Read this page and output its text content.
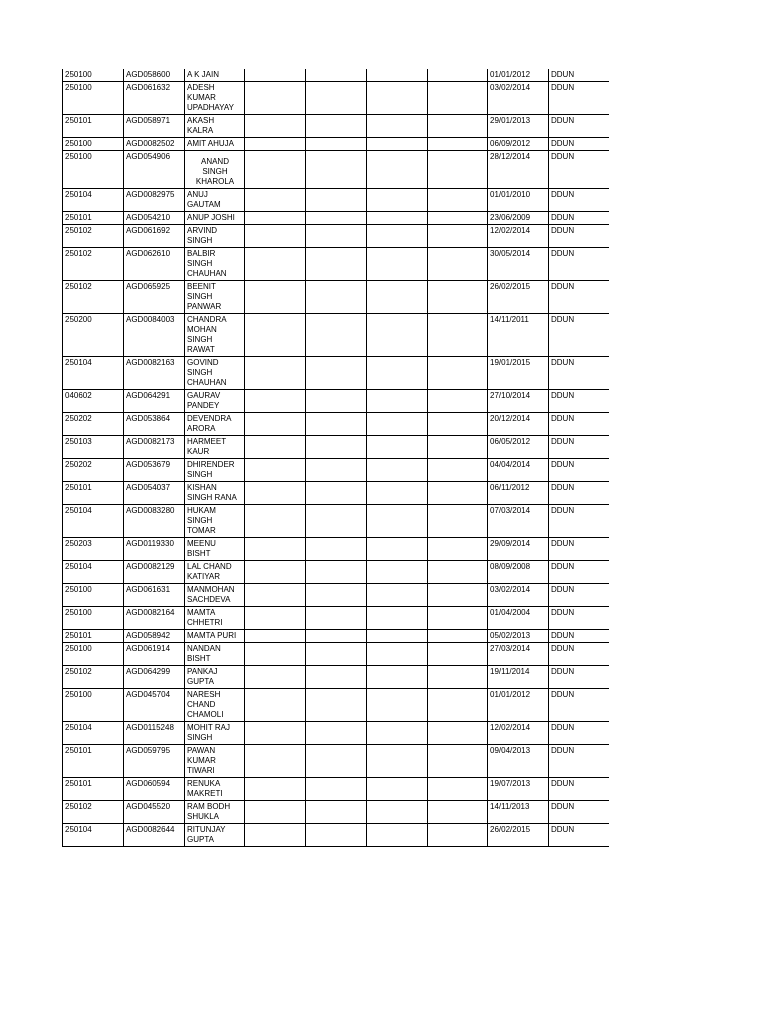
250100	AGD058600	A K JAIN					01/01/2012	DDUN
250100	AGD061632	ADESH
KUMAR
UPADHAYAY					03/02/2014	DDUN
250101	AGD058971	AKASH
KALRA					29/01/2013	DDUN
250100	AGD0082502	AMIT AHUJA					06/09/2012	DDUN
250100	AGD054906	ANAND
SINGH
KHAROLA					28/12/2014	DDUN
250104	AGD0082975	ANUJ
GAUTAM					01/01/2010	DDUN
250101	AGD054210	ANUP JOSHI					23/06/2009	DDUN
250102	AGD061692	ARVIND
SINGH					12/02/2014	DDUN
250102	AGD062610	BALBIR
SINGH
CHAUHAN					30/05/2014	DDUN
250102	AGD065925	BEENIT
SINGH
PANWAR					26/02/2015	DDUN
250200	AGD0084003	CHANDRA
MOHAN
SINGH
RAWAT					14/11/2011	DDUN
250104	AGD0082163	GOVIND
SINGH
CHAUHAN					19/01/2015	DDUN
040602	AGD064291	GAURAV
PANDEY					27/10/2014	DDUN
250202	AGD053864	DEVENDRA
ARORA					20/12/2014	DDUN
250103	AGD0082173	HARMEET
KAUR					06/05/2012	DDUN
250202	AGD053679	DHIRENDER
SINGH					04/04/2014	DDUN
250101	AGD054037	KISHAN
SINGH RANA					06/11/2012	DDUN
250104	AGD0083280	HUKAM
SINGH
TOMAR					07/03/2014	DDUN
250203	AGD0119330	MEENU
BISHT					29/09/2014	DDUN
250104	AGD0082129	LAL CHAND
KATIYAR					08/09/2008	DDUN
250100	AGD061631	MANMOHAN
SACHDEVA					03/02/2014	DDUN
250100	AGD0082164	MAMTA
CHHETRI					01/04/2004	DDUN
250101	AGD058942	MAMTA PURI					05/02/2013	DDUN
250100	AGD061914	NANDAN
BISHT					27/03/2014	DDUN
250102	AGD064299	PANKAJ
GUPTA					19/11/2014	DDUN
250100	AGD045704	NARESH
CHAND
CHAMOLI					01/01/2012	DDUN
250104	AGD0115248	MOHIT RAJ
SINGH					12/02/2014	DDUN
250101	AGD059795	PAWAN
KUMAR
TIWARI					09/04/2013	DDUN
250101	AGD060594	RENUKA
MAKRETI					19/07/2013	DDUN
250102	AGD045520	RAM BODH
SHUKLA					14/11/2013	DDUN
250104	AGD0082644	RITUNJAY
GUPTA					26/02/2015	DDUN
